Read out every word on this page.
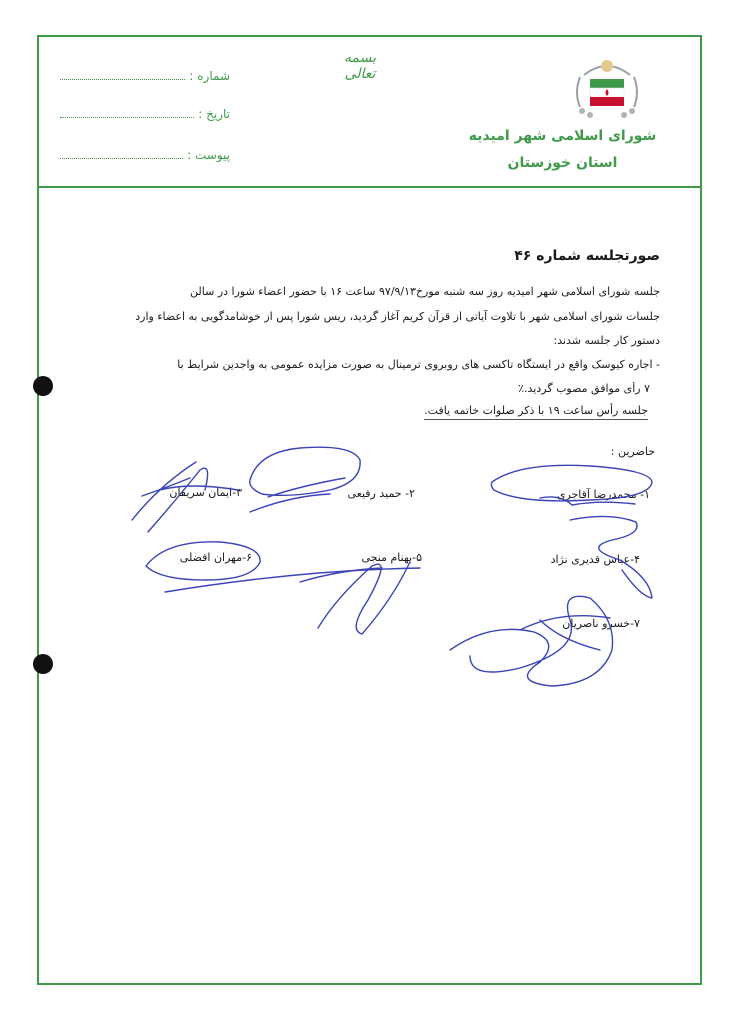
شماره :
تاریخ :
پیوست :
بسمه تعالی
شورای اسلامی شهر امیدیه
استان خوزستان
صورتجلسه شماره ۴۶
جلسه شورای اسلامی شهر امیدیه روز سه شنبه مورخ۹۷/۹/۱۳ ساعت ۱۶ با حضور اعضاء شورا در سالن
جلسات شورای اسلامی شهر با تلاوت آیاتی از قرآن کریم آغاز گردید، ریس شورا پس از خوشامدگویی به اعضاء وارد
دستور کار جلسه شدند:
- اجاره کیوسک واقع در ایستگاه تاکسی های روبروی ترمینال به صورت مزایده عمومی به واجدین شرایط با
۷ رأی موافق مصوب گردید.٪
جلسه رأس ساعت ۱۹ با ذکر صلوات خاتمه یافت.
حاضرین :
۱- محمدرضا آقاجری
۲- حمید رفیعی
۳-ایمان سریفان
۴-عباس قدیری نژاد
۵-بهنام منجی
۶-مهران افضلی
۷-خسرو ناصریان
